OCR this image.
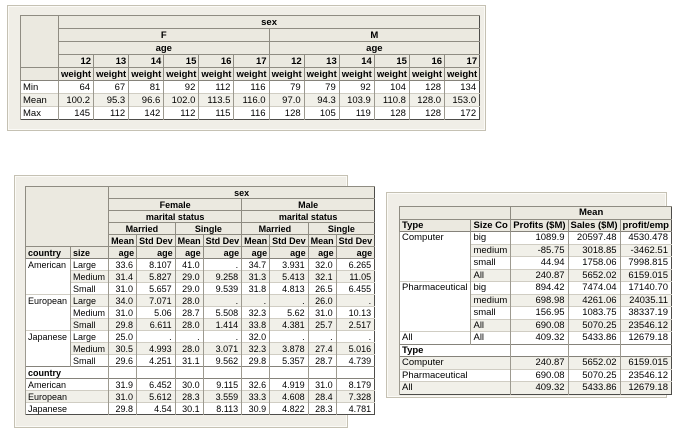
	sex											
	F						M					
	age						age					
	12	13	14	15	16	17	12	13	14	15	16	17
	weight	weight	weight	weight	weight	weight	weight	weight	weight	weight	weight	weight
Min	64	67	81	92	112	116	79	79	92	104	128	134
Mean	100.2	95.3	96.6	102.0	113.5	116.0	97.0	94.3	103.9	110.8	128.0	153.0
Max	145	112	142	112	115	116	128	105	119	128	128	172
		sex							
		Female				Male			
		marital status				marital status			
		Married		Single		Married		Single	
		Mean	Std Dev	Mean	Std Dev	Mean	Std Dev	Mean	Std Dev
country	size	age	age	age	age	age	age	age	age
American	Large	33.6	8.107	41.0	.	34.7	3.931	32.0	6.265
	Medium	31.4	5.827	29.0	9.258	31.3	5.413	32.1	11.05
	Small	31.0	5.657	29.0	9.539	31.8	4.813	26.5	6.455
European	Large	34.0	7.071	28.0	.	.	.	26.0	.
	Medium	31.0	5.06	28.7	5.508	32.3	5.62	31.0	10.13
	Small	29.8	6.611	28.0	1.414	33.8	4.381	25.7	2.517
Japanese	Large	25.0	.	.	.	32.0	.	.	.
	Medium	30.5	4.993	28.0	3.071	32.3	3.878	27.4	5.016
	Small	29.6	4.251	31.1	9.562	29.8	5.357	28.7	4.739
country									
American		31.9	6.452	30.0	9.115	32.6	4.919	31.0	8.179
European		31.0	5.612	28.3	3.559	33.3	4.608	28.4	7.328
Japanese		29.8	4.54	30.1	8.113	30.9	4.822	28.3	4.781
		Mean		
Type	Size Co	Profits ($M)	Sales ($M)	profit/emp
Computer	big	1089.9	20597.48	4530.478
	medium	-85.75	3018.85	-3462.51
	small	44.94	1758.06	7998.815
	All	240.87	5652.02	6159.015
Pharmaceutical	big	894.42	7474.04	17140.70
	medium	698.98	4261.06	24035.11
	small	156.95	1083.75	38337.19
	All	690.08	5070.25	23546.12
All	All	409.32	5433.86	12679.18
Type				
Computer		240.87	5652.02	6159.015
Pharmaceutical		690.08	5070.25	23546.12
All		409.32	5433.86	12679.18
